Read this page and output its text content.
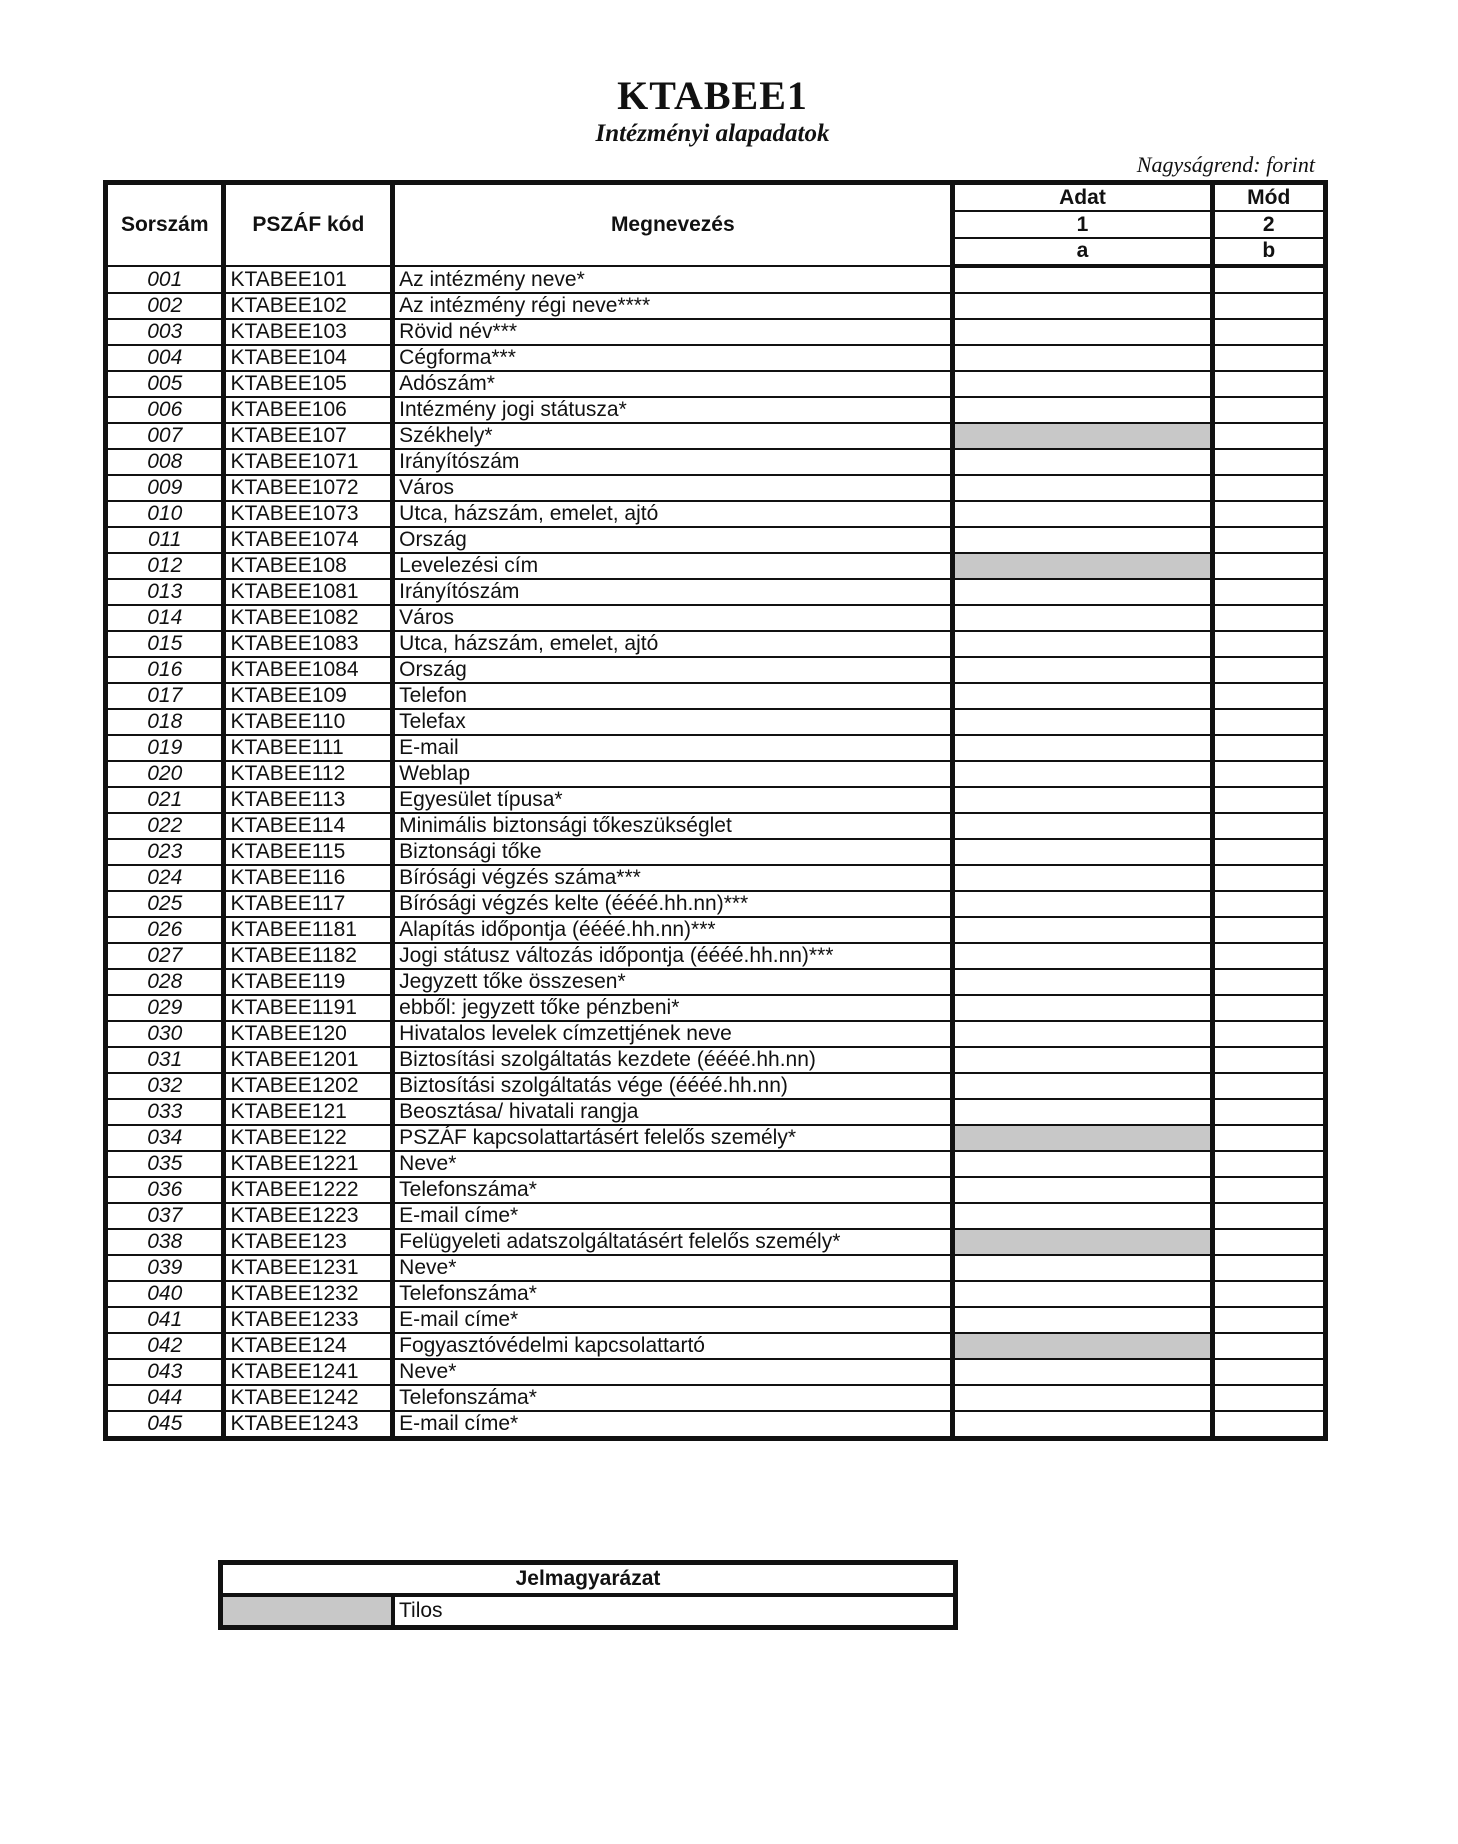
KTABEE1
Intézményi alapadatok
Nagyságrend: forint
Sorszám	PSZÁF kód	Megnevezés	Adat	Mód
			1	2
			a	b
001	KTABEE101	Az intézmény neve*		
002	KTABEE102	Az intézmény régi neve****		
003	KTABEE103	Rövid név***		
004	KTABEE104	Cégforma***		
005	KTABEE105	Adószám*		
006	KTABEE106	Intézmény jogi státusza*		
007	KTABEE107	Székhely*		
008	KTABEE1071	Irányítószám		
009	KTABEE1072	Város		
010	KTABEE1073	Utca, házszám, emelet, ajtó		
011	KTABEE1074	Ország		
012	KTABEE108	Levelezési cím		
013	KTABEE1081	Irányítószám		
014	KTABEE1082	Város		
015	KTABEE1083	Utca, házszám, emelet, ajtó		
016	KTABEE1084	Ország		
017	KTABEE109	Telefon		
018	KTABEE110	Telefax		
019	KTABEE111	E-mail		
020	KTABEE112	Weblap		
021	KTABEE113	Egyesület típusa*		
022	KTABEE114	Minimális biztonsági tőkeszükséglet		
023	KTABEE115	Biztonsági tőke		
024	KTABEE116	Bírósági végzés száma***		
025	KTABEE117	Bírósági végzés kelte (éééé.hh.nn)***		
026	KTABEE1181	Alapítás időpontja (éééé.hh.nn)***		
027	KTABEE1182	Jogi státusz változás időpontja (éééé.hh.nn)***		
028	KTABEE119	Jegyzett tőke összesen*		
029	KTABEE1191	ebből: jegyzett tőke pénzbeni*		
030	KTABEE120	Hivatalos levelek címzettjének neve		
031	KTABEE1201	Biztosítási szolgáltatás kezdete (éééé.hh.nn)		
032	KTABEE1202	Biztosítási szolgáltatás vége (éééé.hh.nn)		
033	KTABEE121	Beosztása/ hivatali rangja		
034	KTABEE122	PSZÁF kapcsolattartásért felelős személy*		
035	KTABEE1221	Neve*		
036	KTABEE1222	Telefonszáma*		
037	KTABEE1223	E-mail címe*		
038	KTABEE123	Felügyeleti adatszolgáltatásért felelős személy*		
039	KTABEE1231	Neve*		
040	KTABEE1232	Telefonszáma*		
041	KTABEE1233	E-mail címe*		
042	KTABEE124	Fogyasztóvédelmi kapcsolattartó		
043	KTABEE1241	Neve*		
044	KTABEE1242	Telefonszáma*		
045	KTABEE1243	E-mail címe*		
Jelmagyarázat
	Tilos
